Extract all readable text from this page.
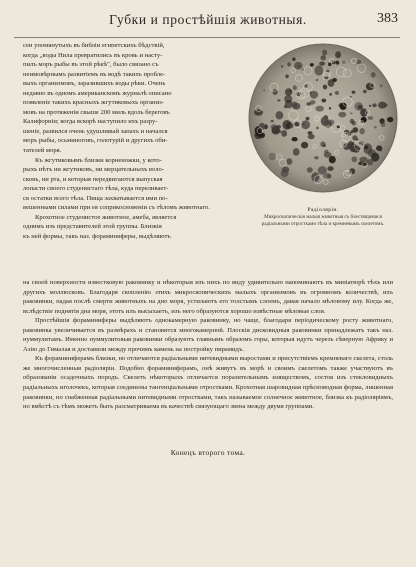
Губки и простѣйшія животныя.	383

сеи упомянутыхъ въ библіи египетскихъ бѣдствій,

когда „воды Нила превратились въ кровь и насту-

пилъ моръ рыбы въ этой рѣкѣ", было связано съ

неимовѣрнымъ развитіемъ въ водѣ такихъ пробле-

выхъ организмовъ, заразившихъ воды рѣки. Очень

недавно въ одномъ американскомъ журналѣ описано

появленіе такихъ красныхъ жгутиковыхъ организ-

мовъ на протяженіи свыше 200 миль вдоль береговъ

Калифорніи; когда вскорѣ наступило ихъ разру-

шеніе, развился очень удушливый запахъ и начался

моръ рыбы, осьминоговъ, голотурій и другихъ оби-

тателей моря.

Къ жгутиковымъ близки корненожки, у кото-

рыхъ нѣтъ ни жгутиковъ, ни мерцательныхъ воло-

сковъ, ни рта, и которыя передвигаются выпуская

лопасти своего студенистаго тѣла, куда переливает-

ся остатки всего тѣла. Пища захватывается ими по-

вешенными силами при ея соприкосновеніи съ тѣломъ животнаго.

Крохотное студенистое животное, амеба, является

однимъ изъ представителей этой группы. Близкія

къ ней формы, такъ наз. фораминиферы, выдѣляютъ

Радіоляріи.
Микроскопическія малыя животныя съ блестящимися радіальными отростками тѣла и кремневымъ скелетомъ.

на своей поверхности известковую раковинку и нѣкоторыя изъ нихъ по виду удивительно напоминаютъ въ миніатюрѣ тѣхъ или другихъ моллюсковъ. Благодаря скопленію этихъ микроскопическихъ малыхъ организмовъ въ огромномъ количествѣ, ихъ раковинки, падая послѣ смерти животныхъ на дно моря, устилаютъ его толстымъ слоемъ, давая начало мѣловому илу. Когда же, вслѣдствіе поднятія дна моря, этотъ илъ высыхаетъ, изъ него образуются хорошо извѣстные мѣловые слои.

Простѣйшія фораминиферы выдѣляютъ однокамерную раковинку, но чаще, благодаря періодическому росту животнаго, раковинка увеличивается въ размѣрахъ и становится многокамерной. Плоскія дисковидныя раковинки принадлежатъ такъ наз. нуммулитамъ. Именно нуммулитовыя раковинки образуютъ главнымъ образомъ горы, которыя идутъ черезъ сѣверную Африку и Азію до Гималая и доставили между прочимъ камень на постройку пирамидъ.

Къ фораминиферамъ близки, но отличаются радіальными нитевидными выростами и присутствіемъ кремневаго скелета, столь же многочисленныя радіоляріи. Подобно фораминиферамъ, онѣ живутъ въ морѣ и своимъ скелетомъ также участвуютъ въ образованіи осадочныхъ породъ. Скелетъ нѣкоторыхъ отличается поразительнымъ изяществомъ, состоя изъ стекловидныхъ радіальныхъ иголочекъ, которыя соединены тангенціальными отростками. Крохотная шаровидная прѣсноводная форма, лишенная раковинки, но снабженная радіальными нитевидными отростками, такъ называемое солнечное животное, близка къ радіоляріямъ, но вмѣстѣ съ тѣмъ можетъ быть разсматриваема въ качествѣ связующаго звена между двумя группами.

Конецъ второго тома.
